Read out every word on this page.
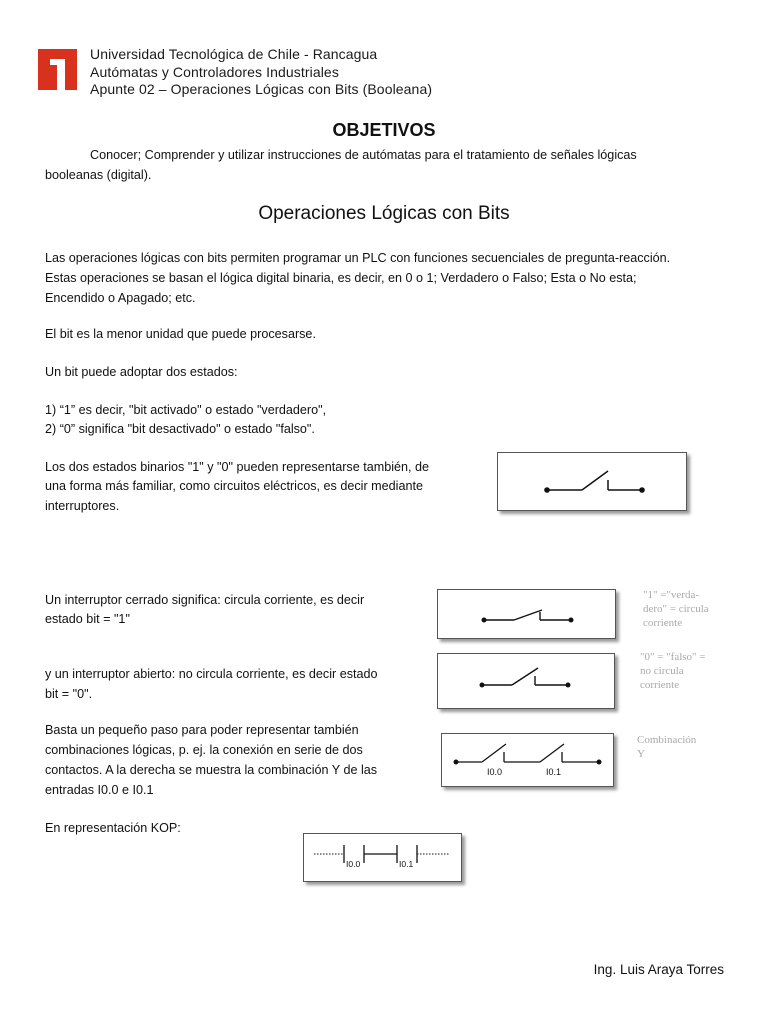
Universidad Tecnológica de Chile - Rancagua
Autómatas y Controladores Industriales
Apunte 02 – Operaciones Lógicas con Bits (Booleana)
OBJETIVOS
Conocer; Comprender y utilizar instrucciones de autómatas para el tratamiento de señales lógicas
booleanas (digital).
Operaciones Lógicas con Bits
Las operaciones lógicas con bits permiten programar un PLC con funciones secuenciales de pregunta-reacción.
Estas operaciones se basan el lógica digital binaria, es decir, en 0 o 1; Verdadero o Falso; Esta o No esta;
Encendido o Apagado; etc.
El bit es la menor unidad que puede procesarse.
Un bit puede adoptar dos estados:
1) “1” es decir, "bit activado" o estado "verdadero",
2) “0” significa "bit desactivado" o estado "falso".
Los dos estados binarios "1" y "0" pueden representarse también, de
una forma más familiar, como circuitos eléctricos, es decir mediante
interruptores.
Un interruptor cerrado significa: circula corriente, es decir
estado bit = "1"
"1" ="verda-
dero" = circula
corriente
y un interruptor abierto: no circula corriente, es decir estado
bit = "0".
"0" = "falso" =
no circula
corriente
Basta un pequeño paso para poder representar también
combinaciones lógicas, p. ej. la conexión en serie de dos
contactos. A la derecha se muestra la combinación Y de las
entradas I0.0 e I0.1
I0.0	I0.1
Combinación
Y
En representación KOP:
I0.0	I0.1
Ing. Luis Araya Torres
